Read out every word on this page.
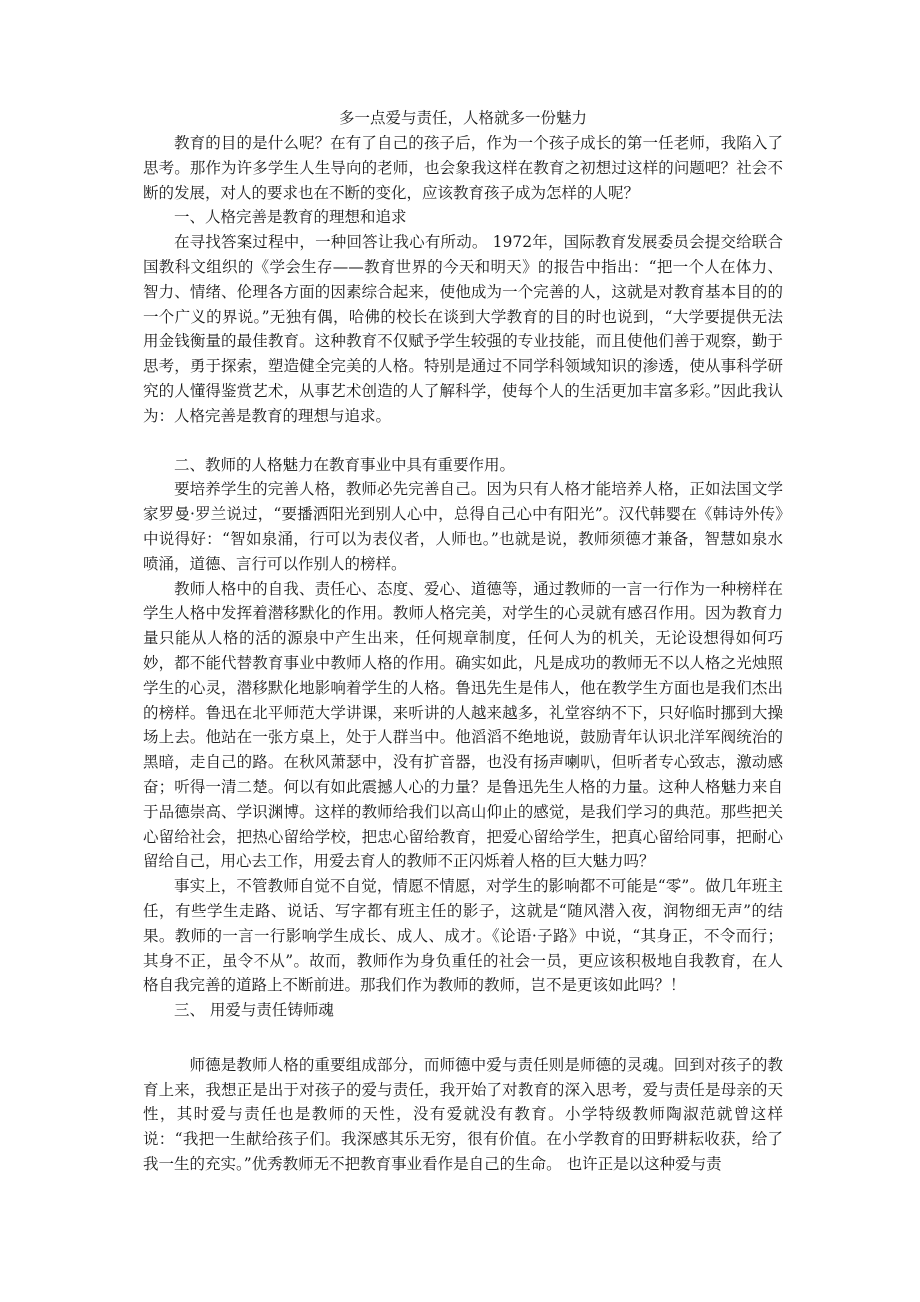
多一点爱与责任，人格就多一份魅力

教育的目的是什么呢？在有了自己的孩子后，作为一个孩子成长的第一任老师，我陷入了思考。那作为许多学生人生导向的老师，也会象我这样在教育之初想过这样的问题吧？社会不断的发展，对人的要求也在不断的变化，应该教育孩子成为怎样的人呢？

一、人格完善是教育的理想和追求

在寻找答案过程中，一种回答让我心有所动。 1972年，国际教育发展委员会提交给联合国教科文组织的《学会生存——教育世界的今天和明天》的报告中指出：“把一个人在体力、智力、情绪、伦理各方面的因素综合起来，使他成为一个完善的人，这就是对教育基本目的的一个广义的界说。”无独有偶，哈佛的校长在谈到大学教育的目的时也说到，“大学要提供无法用金钱衡量的最佳教育。这种教育不仅赋予学生较强的专业技能，而且使他们善于观察，勤于思考，勇于探索，塑造健全完美的人格。特别是通过不同学科领域知识的渗透，使从事科学研究的人懂得鉴赏艺术，从事艺术创造的人了解科学，使每个人的生活更加丰富多彩。”因此我认为：人格完善是教育的理想与追求。

二、教师的人格魅力在教育事业中具有重要作用。

要培养学生的完善人格，教师必先完善自己。因为只有人格才能培养人格，正如法国文学家罗曼·罗兰说过，“要播洒阳光到别人心中，总得自己心中有阳光”。汉代韩婴在《韩诗外传》中说得好：“智如泉涌，行可以为表仪者，人师也。”也就是说，教师须德才兼备，智慧如泉水喷涌，道德、言行可以作别人的榜样。

教师人格中的自我、责任心、态度、爱心、道德等，通过教师的一言一行作为一种榜样在学生人格中发挥着潜移默化的作用。教师人格完美，对学生的心灵就有感召作用。因为教育力量只能从人格的活的源泉中产生出来，任何规章制度，任何人为的机关，无论设想得如何巧妙，都不能代替教育事业中教师人格的作用。确实如此，凡是成功的教师无不以人格之光烛照学生的心灵，潜移默化地影响着学生的人格。鲁迅先生是伟人，他在教学生方面也是我们杰出的榜样。鲁迅在北平师范大学讲课，来听讲的人越来越多，礼堂容纳不下，只好临时挪到大操场上去。他站在一张方桌上，处于人群当中。他滔滔不绝地说，鼓励青年认识北洋军阀统治的黑暗，走自己的路。在秋风萧瑟中，没有扩音器，也没有扬声喇叭，但听者专心致志，激动感奋；听得一清二楚。何以有如此震撼人心的力量？是鲁迅先生人格的力量。这种人格魅力来自于品德崇高、学识渊博。这样的教师给我们以高山仰止的感觉，是我们学习的典范。那些把关心留给社会，把热心留给学校，把忠心留给教育，把爱心留给学生，把真心留给同事，把耐心留给自己，用心去工作，用爱去育人的教师不正闪烁着人格的巨大魅力吗？

事实上，不管教师自觉不自觉，情愿不情愿，对学生的影响都不可能是“零”。做几年班主任，有些学生走路、说话、写字都有班主任的影子，这就是“随风潜入夜，润物细无声”的结果。教师的一言一行影响学生成长、成人、成才。《论语·子路》中说，“其身正，不令而行；其身不正，虽令不从”。故而，教师作为身负重任的社会一员，更应该积极地自我教育，在人格自我完善的道路上不断前进。那我们作为教师的教师，岂不是更该如此吗？！

三、 用爱与责任铸师魂

师德是教师人格的重要组成部分，而师德中爱与责任则是师德的灵魂。回到对孩子的教育上来，我想正是出于对孩子的爱与责任，我开始了对教育的深入思考，爱与责任是母亲的天性，其时爱与责任也是教师的天性，没有爱就没有教育。小学特级教师陶淑范就曾这样说：“我把一生献给孩子们。我深感其乐无穷，很有价值。在小学教育的田野耕耘收获，给了我一生的充实。”优秀教师无不把教育事业看作是自己的生命。 也许正是以这种爱与责
